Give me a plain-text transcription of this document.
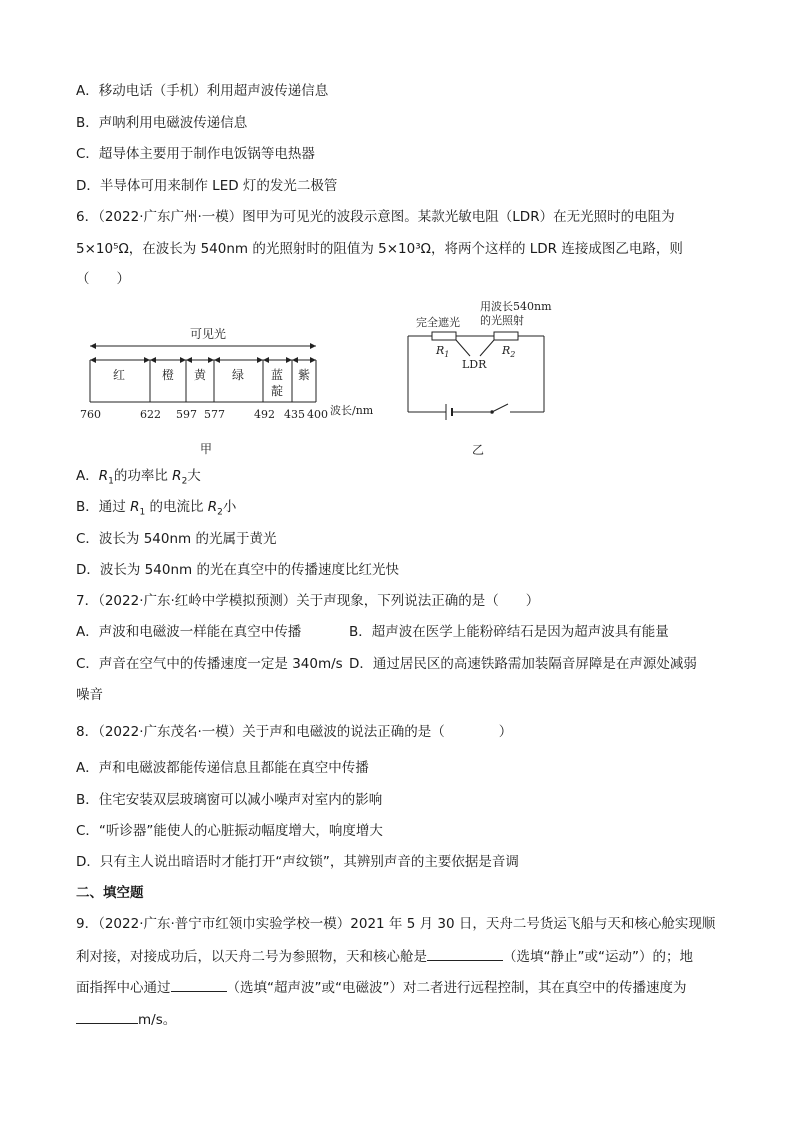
A．移动电话（手机）利用超声波传递信息
B．声呐利用电磁波传递信息
C．超导体主要用于制作电饭锅等电热器
D．半导体可用来制作 LED 灯的发光二极管
6．（2022·广东广州·一模）图甲为可见光的波段示意图。某款光敏电阻（LDR）在无光照时的电阻为
5×10⁵Ω，在波长为 540nm 的光照射时的阻值为 5×10³Ω，将两个这样的 LDR 连接成图乙电路，则
（　　）
可见光
红	橙 黄 绿 蓝
靛
紫
760	622 597 577	492 435 400 波长/nm
甲
完全遮光
用波长540nm
的光照射
$R_1$	$R_2$
LDR
乙
A．$R_1$的功率比 $R_2$大
B．通过 $R_1$ 的电流比 $R_2$小
C．波长为 540nm 的光属于黄光
D．波长为 540nm 的光在真空中的传播速度比红光快
7．（2022·广东·红岭中学模拟预测）关于声现象，下列说法正确的是（　　）
A．声波和电磁波一样能在真空中传播	B．超声波在医学上能粉碎结石是因为超声波具有能量
C．声音在空气中的传播速度一定是 340m/s D．通过居民区的高速铁路需加装隔音屏障是在声源处减弱
噪音
8．（2022·广东茂名·一模）关于声和电磁波的说法正确的是（　　　　）
A．声和电磁波都能传递信息且都能在真空中传播
B．住宅安装双层玻璃窗可以减小噪声对室内的影响
C．“听诊器”能使人的心脏振动幅度增大，响度增大
D．只有主人说出暗语时才能打开“声纹锁”，其辨别声音的主要依据是音调
二、填空题
9．（2022·广东·普宁市红领巾实验学校一模）2021 年 5 月 30 日，天舟二号货运飞船与天和核心舱实现顺
利对接，对接成功后，以天舟二号为参照物，天和核心舱是	（选填“静止”或“运动”）的；地
面指挥中心通过	（选填“超声波”或“电磁波”）对二者进行远程控制，其在真空中的传播速度为
m/s。
